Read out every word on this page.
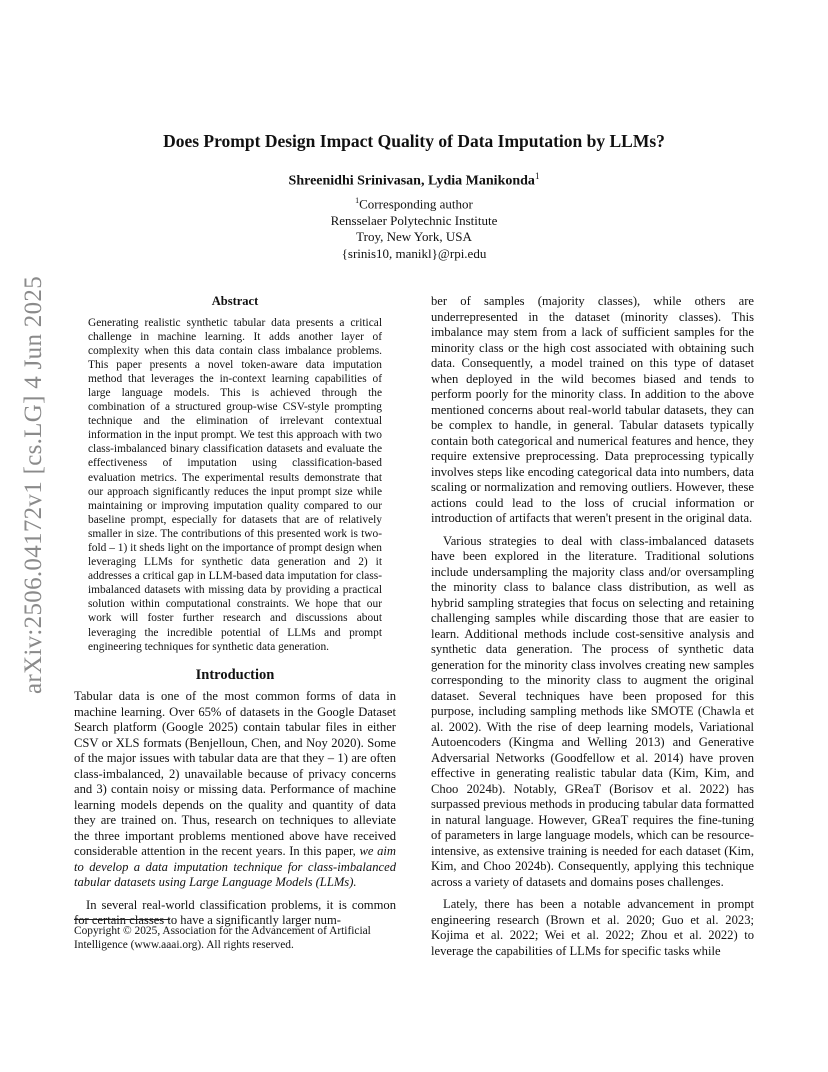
arXiv:2506.04172v1 [cs.LG] 4 Jun 2025
Does Prompt Design Impact Quality of Data Imputation by LLMs?
Shreenidhi Srinivasan, Lydia Manikonda$^1$
$^1$Corresponding author
Rensselaer Polytechnic Institute
Troy, New York, USA
{srinis10, manikl}@rpi.edu
Abstract
Generating realistic synthetic tabular data presents a critical challenge in machine learning. It adds another layer of complexity when this data contain class imbalance problems. This paper presents a novel token-aware data imputation method that leverages the in-context learning capabilities of large language models. This is achieved through the combination of a structured group-wise CSV-style prompting technique and the elimination of irrelevant contextual information in the input prompt. We test this approach with two class-imbalanced binary classification datasets and evaluate the effectiveness of imputation using classification-based evaluation metrics. The experimental results demonstrate that our approach significantly reduces the input prompt size while maintaining or improving imputation quality compared to our baseline prompt, especially for datasets that are of relatively smaller in size. The contributions of this presented work is two-fold – 1) it sheds light on the importance of prompt design when leveraging LLMs for synthetic data generation and 2) it addresses a critical gap in LLM-based data imputation for class-imbalanced datasets with missing data by providing a practical solution within computational constraints. We hope that our work will foster further research and discussions about leveraging the incredible potential of LLMs and prompt engineering techniques for synthetic data generation.
Introduction

Tabular data is one of the most common forms of data in machine learning. Over 65% of datasets in the Google Dataset Search platform (Google 2025) contain tabular files in either CSV or XLS formats (Benjelloun, Chen, and Noy 2020). Some of the major issues with tabular data are that they – 1) are often class-imbalanced, 2) unavailable because of privacy concerns and 3) contain noisy or missing data. Performance of machine learning models depends on the quality and quantity of data they are trained on. Thus, research on techniques to alleviate the three important problems mentioned above have received considerable attention in the recent years. In this paper, we aim to develop a data imputation technique for class-imbalanced tabular datasets using Large Language Models (LLMs).

In several real-world classification problems, it is common for certain classes to have a significantly larger num-

Copyright © 2025, Association for the Advancement of Artificial Intelligence (www.aaai.org). All rights reserved.

ber of samples (majority classes), while others are underrepresented in the dataset (minority classes). This imbalance may stem from a lack of sufficient samples for the minority class or the high cost associated with obtaining such data. Consequently, a model trained on this type of dataset when deployed in the wild becomes biased and tends to perform poorly for the minority class. In addition to the above mentioned concerns about real-world tabular datasets, they can be complex to handle, in general. Tabular datasets typically contain both categorical and numerical features and hence, they require extensive preprocessing. Data preprocessing typically involves steps like encoding categorical data into numbers, data scaling or normalization and removing outliers. However, these actions could lead to the loss of crucial information or introduction of artifacts that weren't present in the original data.

Various strategies to deal with class-imbalanced datasets have been explored in the literature. Traditional solutions include undersampling the majority class and/or oversampling the minority class to balance class distribution, as well as hybrid sampling strategies that focus on selecting and retaining challenging samples while discarding those that are easier to learn. Additional methods include cost-sensitive analysis and synthetic data generation. The process of synthetic data generation for the minority class involves creating new samples corresponding to the minority class to augment the original dataset. Several techniques have been proposed for this purpose, including sampling methods like SMOTE (Chawla et al. 2002). With the rise of deep learning models, Variational Autoencoders (Kingma and Welling 2013) and Generative Adversarial Networks (Goodfellow et al. 2014) have proven effective in generating realistic tabular data (Kim, Kim, and Choo 2024b). Notably, GReaT (Borisov et al. 2022) has surpassed previous methods in producing tabular data formatted in natural language. However, GReaT requires the fine-tuning of parameters in large language models, which can be resource-intensive, as extensive training is needed for each dataset (Kim, Kim, and Choo 2024b). Consequently, applying this technique across a variety of datasets and domains poses challenges.

Lately, there has been a notable advancement in prompt engineering research (Brown et al. 2020; Guo et al. 2023; Kojima et al. 2022; Wei et al. 2022; Zhou et al. 2022) to leverage the capabilities of LLMs for specific tasks while
